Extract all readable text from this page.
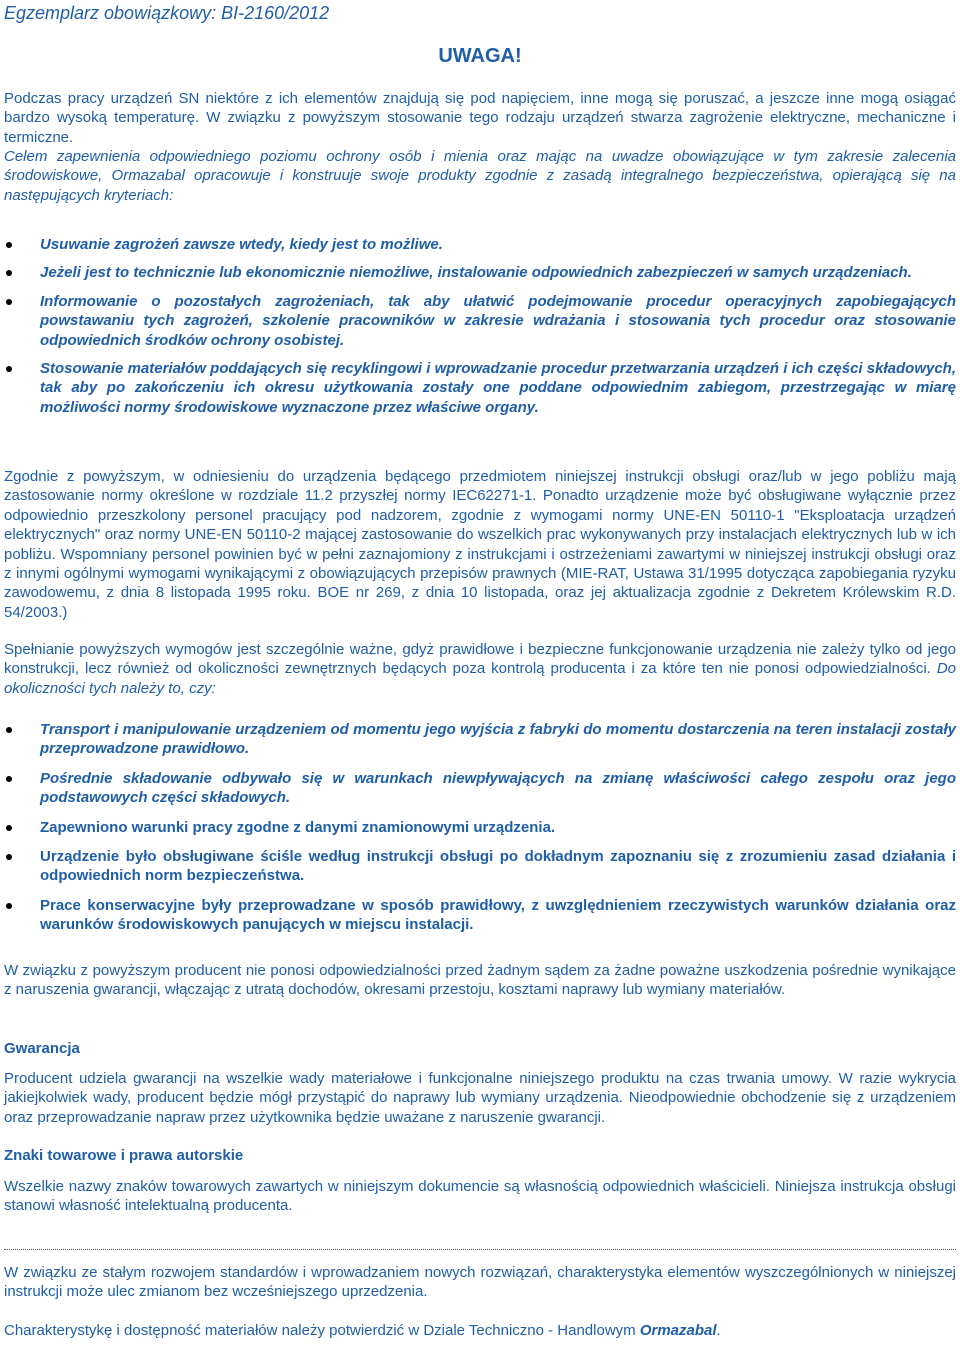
Egzemplarz obowiązkowy: BI-2160/2012
UWAGA!
Podczas pracy urządzeń SN niektóre z ich elementów znajdują się pod napięciem, inne mogą się poruszać, a jeszcze inne mogą osiągać bardzo wysoką temperaturę. W związku z powyższym stosowanie tego rodzaju urządzeń stwarza zagrożenie elektryczne, mechaniczne i termiczne.
Celem zapewnienia odpowiedniego poziomu ochrony osób i mienia oraz mając na uwadze obowiązujące w tym zakresie zalecenia środowiskowe, Ormazabal opracowuje i konstruuje swoje produkty zgodnie z zasadą integralnego bezpieczeństwa, opierającą się na następujących kryteriach:
Usuwanie zagrożeń zawsze wtedy, kiedy jest to możliwe.
Jeżeli jest to technicznie lub ekonomicznie niemożliwe, instalowanie odpowiednich zabezpieczeń w samych urządzeniach.
Informowanie o pozostałych zagrożeniach, tak aby ułatwić podejmowanie procedur operacyjnych zapobiegających powstawaniu tych zagrożeń, szkolenie pracowników w zakresie wdrażania i stosowania tych procedur oraz stosowanie odpowiednich środków ochrony osobistej.
Stosowanie materiałów poddających się recyklingowi i wprowadzanie procedur przetwarzania urządzeń i ich części składowych, tak aby po zakończeniu ich okresu użytkowania zostały one poddane odpowiednim zabiegom, przestrzegając w miarę możliwości normy środowiskowe wyznaczone przez właściwe organy.
Zgodnie z powyższym, w odniesieniu do urządzenia będącego przedmiotem niniejszej instrukcji obsługi oraz/lub w jego pobliżu mają zastosowanie normy określone w rozdziale 11.2 przyszłej normy IEC62271-1. Ponadto urządzenie może być obsługiwane wyłącznie przez odpowiednio przeszkolony personel pracujący pod nadzorem, zgodnie z wymogami normy UNE-EN 50110-1 "Eksploatacja urządzeń elektrycznych" oraz normy UNE-EN 50110-2 mającej zastosowanie do wszelkich prac wykonywanych przy instalacjach elektrycznych lub w ich pobliżu. Wspomniany personel powinien być w pełni zaznajomiony z instrukcjami i ostrzeżeniami zawartymi w niniejszej instrukcji obsługi oraz z innymi ogólnymi wymogami wynikającymi z obowiązujących przepisów prawnych (MIE-RAT, Ustawa 31/1995 dotycząca zapobiegania ryzyku zawodowemu, z dnia 8 listopada 1995 roku. BOE nr 269, z dnia 10 listopada, oraz jej aktualizacja zgodnie z Dekretem Królewskim R.D. 54/2003.)
Spełnianie powyższych wymogów jest szczególnie ważne, gdyż prawidłowe i bezpieczne funkcjonowanie urządzenia nie zależy tylko od jego konstrukcji, lecz również od okoliczności zewnętrznych będących poza kontrolą producenta i za które ten nie ponosi odpowiedzialności. Do okoliczności tych należy to, czy:
Transport i manipulowanie urządzeniem od momentu jego wyjścia z fabryki do momentu dostarczenia na teren instalacji zostały przeprowadzone prawidłowo.
Pośrednie składowanie odbywało się w warunkach niewpływających na zmianę właściwości całego zespołu oraz jego podstawowych części składowych.
Zapewniono warunki pracy zgodne z danymi znamionowymi urządzenia.
Urządzenie było obsługiwane ściśle według instrukcji obsługi po dokładnym zapoznaniu się z zrozumieniu zasad działania i odpowiednich norm bezpieczeństwa.
Prace konserwacyjne były przeprowadzane w sposób prawidłowy, z uwzględnieniem rzeczywistych warunków działania oraz warunków środowiskowych panujących w miejscu instalacji.
W związku z powyższym producent nie ponosi odpowiedzialności przed żadnym sądem za żadne poważne uszkodzenia pośrednie wynikające z naruszenia gwarancji, włączając z utratą dochodów, okresami przestoju, kosztami naprawy lub wymiany materiałów.
Gwarancja
Producent udziela gwarancji na wszelkie wady materiałowe i funkcjonalne niniejszego produktu na czas trwania umowy. W razie wykrycia jakiejkolwiek wady, producent będzie mógł przystąpić do naprawy lub wymiany urządzenia. Nieodpowiednie obchodzenie się z urządzeniem oraz przeprowadzanie napraw przez użytkownika będzie uważane z naruszenie gwarancji.
Znaki towarowe i prawa autorskie
Wszelkie nazwy znaków towarowych zawartych w niniejszym dokumencie są własnością odpowiednich właścicieli. Niniejsza instrukcja obsługi stanowi własność intelektualną producenta.
W związku ze stałym rozwojem standardów i wprowadzaniem nowych rozwiązań, charakterystyka elementów wyszczególnionych w niniejszej instrukcji może ulec zmianom bez wcześniejszego uprzedzenia.
Charakterystykę i dostępność materiałów należy potwierdzić w Dziale Techniczno - Handlowym Ormazabal.
